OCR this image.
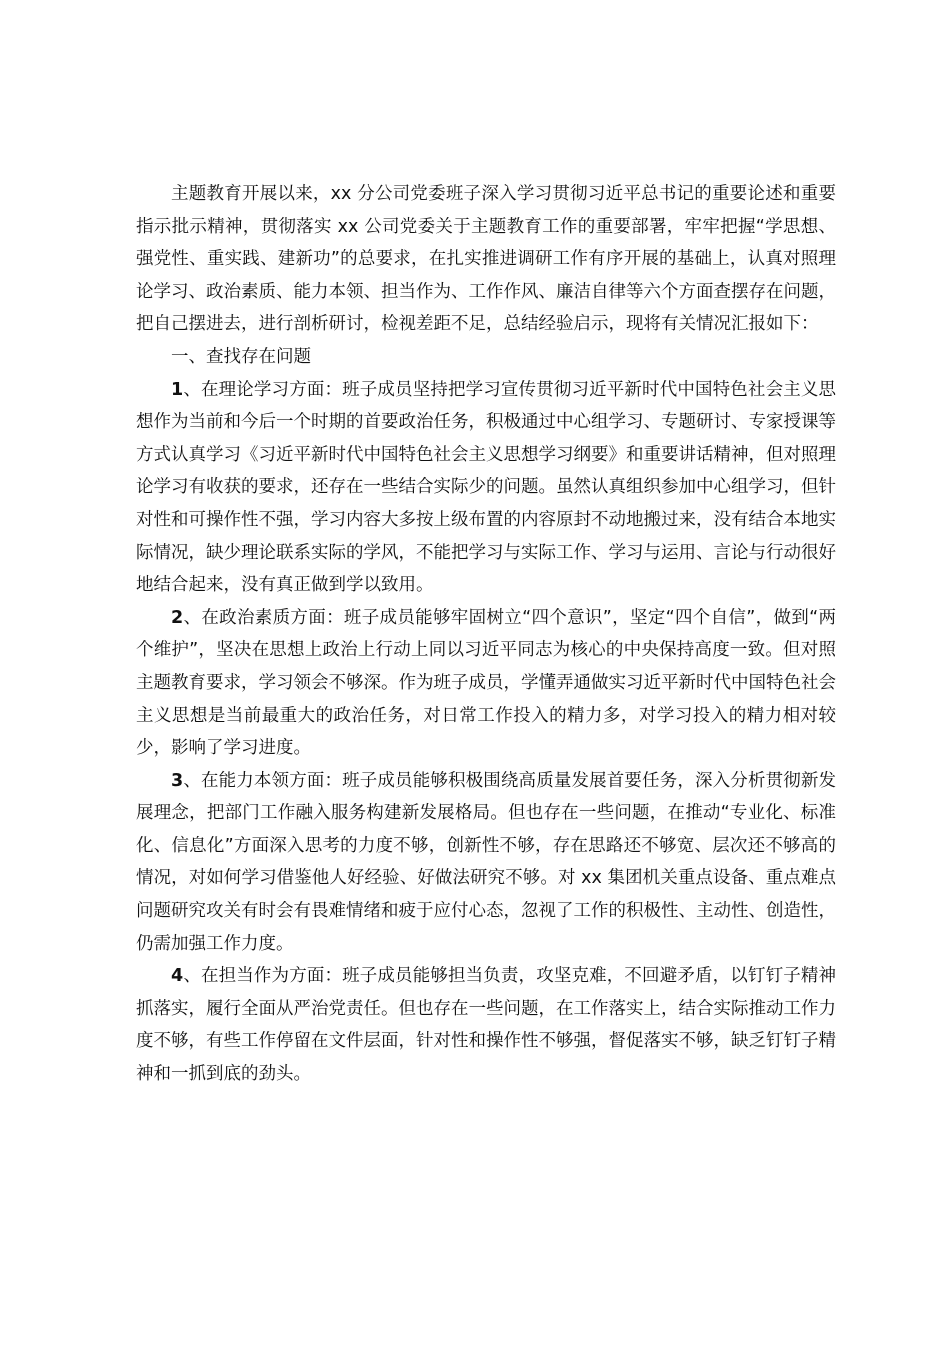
主题教育开展以来，xx 分公司党委班子深入学习贯彻习近平总书记的重要论述和重要指示批示精神，贯彻落实 xx 公司党委关于主题教育工作的重要部署，牢牢把握“学思想、强党性、重实践、建新功”的总要求，在扎实推进调研工作有序开展的基础上，认真对照理论学习、政治素质、能力本领、担当作为、工作作风、廉洁自律等六个方面查摆存在问题，把自己摆进去，进行剖析研讨，检视差距不足，总结经验启示，现将有关情况汇报如下：

一、查找存在问题

1、在理论学习方面：班子成员坚持把学习宣传贯彻习近平新时代中国特色社会主义思想作为当前和今后一个时期的首要政治任务，积极通过中心组学习、专题研讨、专家授课等方式认真学习《习近平新时代中国特色社会主义思想学习纲要》和重要讲话精神，但对照理论学习有收获的要求，还存在一些结合实际少的问题。虽然认真组织参加中心组学习，但针对性和可操作性不强，学习内容大多按上级布置的内容原封不动地搬过来，没有结合本地实际情况，缺少理论联系实际的学风，不能把学习与实际工作、学习与运用、言论与行动很好地结合起来，没有真正做到学以致用。

2、在政治素质方面：班子成员能够牢固树立“四个意识”，坚定“四个自信”，做到“两个维护”，坚决在思想上政治上行动上同以习近平同志为核心的中央保持高度一致。但对照主题教育要求，学习领会不够深。作为班子成员，学懂弄通做实习近平新时代中国特色社会主义思想是当前最重大的政治任务，对日常工作投入的精力多，对学习投入的精力相对较少，影响了学习进度。

3、在能力本领方面：班子成员能够积极围绕高质量发展首要任务，深入分析贯彻新发展理念，把部门工作融入服务构建新发展格局。但也存在一些问题，在推动“专业化、标准化、信息化”方面深入思考的力度不够，创新性不够，存在思路还不够宽、层次还不够高的情况，对如何学习借鉴他人好经验、好做法研究不够。对 xx 集团机关重点设备、重点难点问题研究攻关有时会有畏难情绪和疲于应付心态，忽视了工作的积极性、主动性、创造性，仍需加强工作力度。

4、在担当作为方面：班子成员能够担当负责，攻坚克难，不回避矛盾，以钉钉子精神抓落实，履行全面从严治党责任。但也存在一些问题，在工作落实上，结合实际推动工作力度不够，有些工作停留在文件层面，针对性和操作性不够强，督促落实不够，缺乏钉钉子精神和一抓到底的劲头。
